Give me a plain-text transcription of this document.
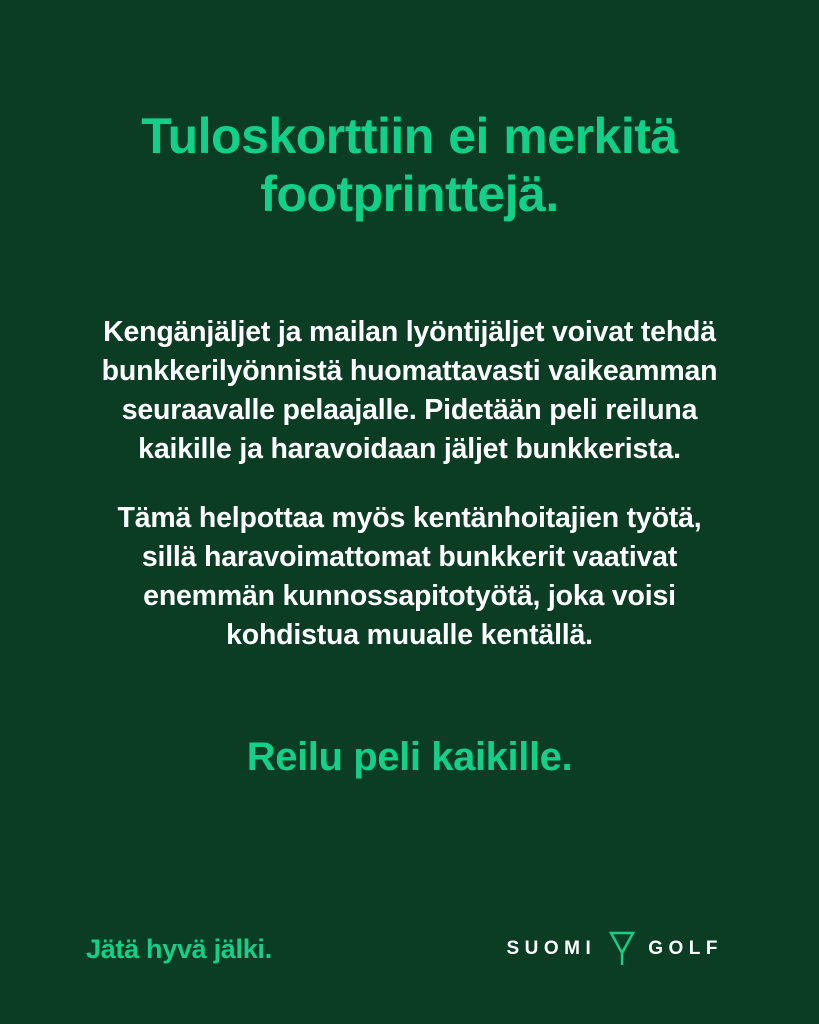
Tuloskorttiin ei merkitä footprinttejä.

Kengänjäljet ja mailan lyöntijäljet voivat tehdä bunkkerilyönnistä huomattavasti vaikeamman seuraavalle pelaajalle. Pidetään peli reiluna kaikille ja haravoidaan jäljet bunkkerista.

Tämä helpottaa myös kentänhoitajien työtä, sillä haravoimattomat bunkkerit vaativat enemmän kunnossapitotyötä, joka voisi kohdistua muualle kentällä.

Reilu peli kaikille.

Jätä hyvä jälki.	SUOMI	GOLF
